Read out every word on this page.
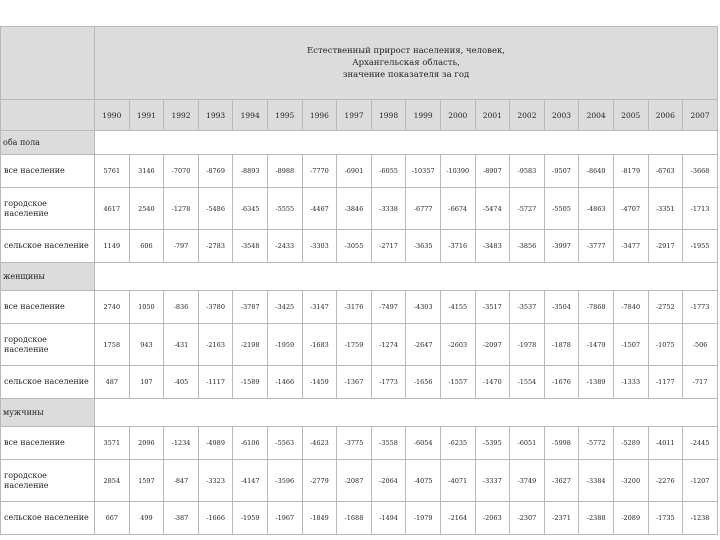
	Естественный прирост населения, человек,
Архангельская область,
значение показателя за год																	

	1990	1991	1992	1993	1994	1995	1996	1997	1998	1999	2000	2001	2002	2003	2004	2005	2006	2007
оба пола																		
все население	5761	3146	-7070	-8769	-8893	-8988	-7770	-6901	-6055	-10357	-10390	-8907	-9583	-9507	-8640	-8179	-6763	-3668
городское население	4617	2540	-1278	-5486	-6345	-5555	-4467	-3846	-3338	-6777	-6674	-5474	-5727	-5505	-4863	-4707	-3351	-1713
сельское население	1149	606	-797	-2783	-3548	-2433	-3303	-3055	-2717	-3635	-3716	-3483	-3856	-3997	-3777	-3477	-2917	-1955
женщины																		
все население	2740	1050	-836	-3780	-3787	-3425	-3147	-3176	-7497	-4303	-4155	-3517	-3537	-3504	-7868	-7840	-2752	-1773
городское население	1758	943	-431	-2163	-2198	-1959	-1683	-1759	-1274	-2647	-2603	-2097	-1978	-1878	-1479	-1507	-1075	-506
сельское население	487	107	-405	-1117	-1589	-1466	-1459	-1367	-1773	-1656	-1557	-1470	-1554	-1676	-1389	-1333	-1177	-717
мужчины																		
все население	3571	2096	-1234	-4989	-6106	-5563	-4623	-3775	-3558	-6054	-6235	-5395	-6051	-5998	-5772	-5289	-4011	-2445
городское население	2854	1597	-847	-3323	-4147	-3596	-2779	-2087	-2064	-4075	-4071	-3337	-3749	-3627	-3384	-3200	-2276	-1207
сельское население	667	499	-387	-1666	-1959	-1967	-1849	-1688	-1494	-1979	-2164	-2063	-2307	-2371	-2388	-2089	-1735	-1238
